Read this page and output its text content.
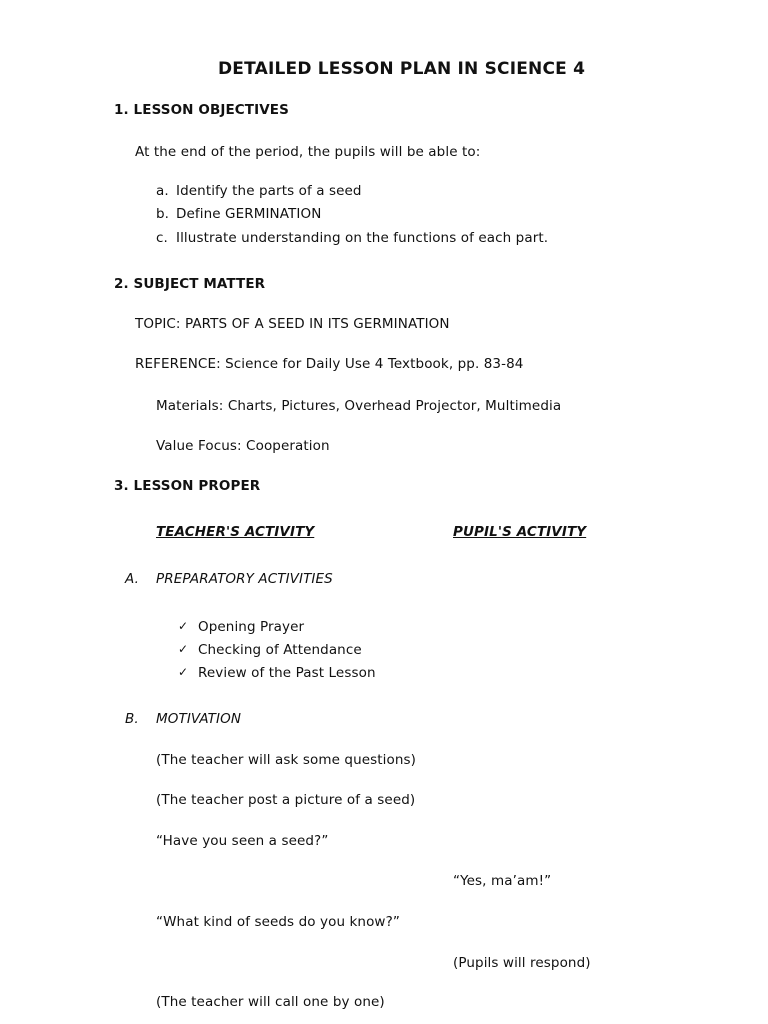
DETAILED LESSON PLAN IN SCIENCE 4
1. LESSON OBJECTIVES
At the end of the period, the pupils will be able to:
a. Identify the parts of a seed
b. Define GERMINATION
c. Illustrate understanding on the functions of each part.
2. SUBJECT MATTER
TOPIC: PARTS OF A SEED IN ITS GERMINATION
REFERENCE: Science for Daily Use 4 Textbook, pp. 83-84
Materials: Charts, Pictures, Overhead Projector, Multimedia
Value Focus: Cooperation
3. LESSON PROPER
TEACHER'S ACTIVITY	PUPIL'S ACTIVITY
A. PREPARATORY ACTIVITIES
✓ Opening Prayer
✓ Checking of Attendance
✓ Review of the Past Lesson
B. MOTIVATION
(The teacher will ask some questions)
(The teacher post a picture of a seed)
“Have you seen a seed?”
“Yes, ma’am!”
“What kind of seeds do you know?”
(Pupils will respond)
(The teacher will call one by one)
